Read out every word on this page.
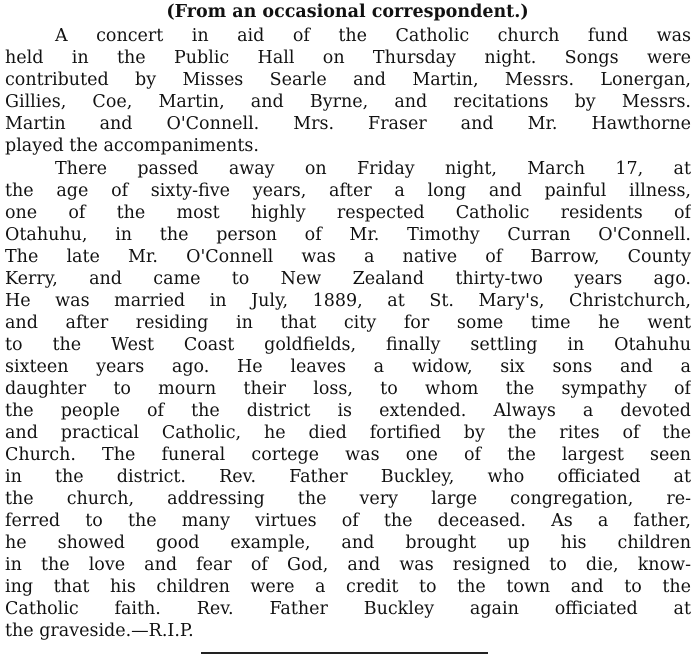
(From an occasional correspondent.)
A concert in aid of the Catholic church fund was
held in the Public Hall on Thursday night. Songs were
contributed by Misses Searle and Martin, Messrs. Lonergan,
Gillies, Coe, Martin, and Byrne, and recitations by Messrs.
Martin and O'Connell. Mrs. Fraser and Mr. Hawthorne
played the accompaniments.
There passed away on Friday night, March 17, at
the age of sixty-five years, after a long and painful illness,
one of the most highly respected Catholic residents of
Otahuhu, in the person of Mr. Timothy Curran O'Connell.
The late Mr. O'Connell was a native of Barrow, County
Kerry, and came to New Zealand thirty-two years ago.
He was married in July, 1889, at St. Mary's, Christchurch,
and after residing in that city for some time he went
to the West Coast goldfields, finally settling in Otahuhu
sixteen years ago. He leaves a widow, six sons and a
daughter to mourn their loss, to whom the sympathy of
the people of the district is extended. Always a devoted
and practical Catholic, he died fortified by the rites of the
Church. The funeral cortege was one of the largest seen
in the district. Rev. Father Buckley, who officiated at
the church, addressing the very large congregation, re-
ferred to the many virtues of the deceased. As a father,
he showed good example, and brought up his children
in the love and fear of God, and was resigned to die, know-
ing that his children were a credit to the town and to the
Catholic faith. Rev. Father Buckley again officiated at
the graveside.—R.I.P.
